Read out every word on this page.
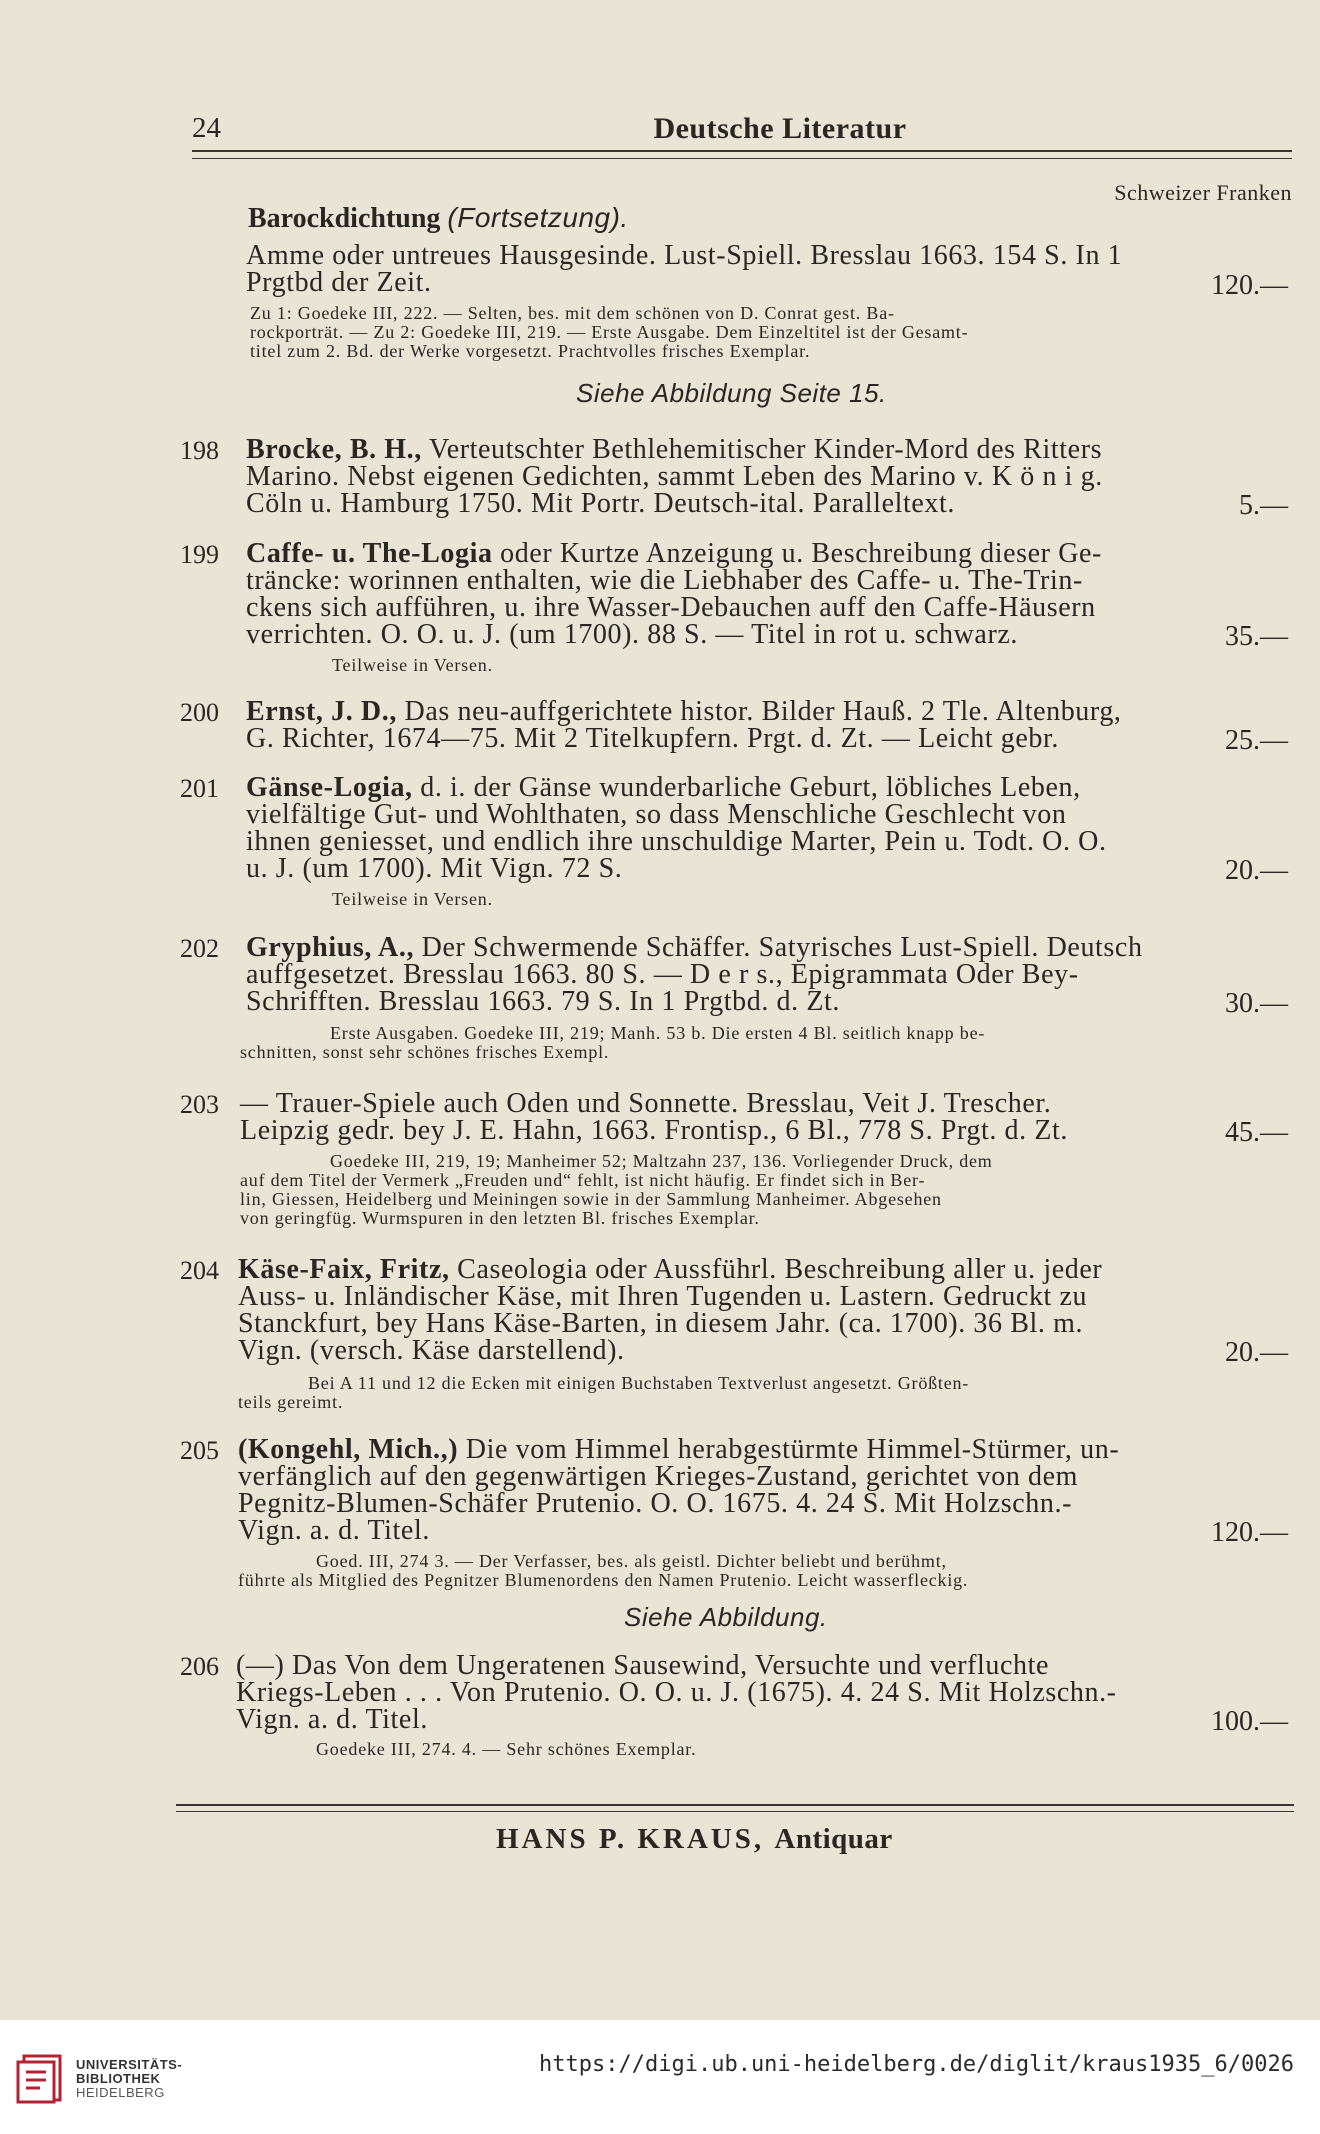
24	Deutsche Literatur
Schweizer Franken
Barockdichtung (Fortsetzung).
Amme oder untreues Hausgesinde. Lust-Spiell. Bresslau 1663. 154 S. In 1
Prgtbd der Zeit.	120.—
Zu 1: Goedeke III, 222. — Selten, bes. mit dem schönen von D. Conrat gest. Ba-
rockporträt. — Zu 2: Goedeke III, 219. — Erste Ausgabe. Dem Einzeltitel ist der Gesamt-
titel zum 2. Bd. der Werke vorgesetzt. Prachtvolles frisches Exemplar.
Siehe Abbildung Seite 15.
198 Brocke, B. H., Verteutschter Bethlehemitischer Kinder-Mord des Ritters
Marino. Nebst eigenen Gedichten, sammt Leben des Marino v. K ö n i g.
Cöln u. Hamburg 1750. Mit Portr. Deutsch-ital. Paralleltext.	5.—
199 Caffe- u. The-Logia oder Kurtze Anzeigung u. Beschreibung dieser Ge-
träncke: worinnen enthalten, wie die Liebhaber des Caffe- u. The-Trin-
ckens sich aufführen, u. ihre Wasser-Debauchen auff den Caffe-Häusern
verrichten. O. O. u. J. (um 1700). 88 S. — Titel in rot u. schwarz.	35.—
Teilweise in Versen.
200 Ernst, J. D., Das neu-auffgerichtete histor. Bilder Hauß. 2 Tle. Altenburg,
G. Richter, 1674—75. Mit 2 Titelkupfern. Prgt. d. Zt. — Leicht gebr.	25.—
201 Gänse-Logia, d. i. der Gänse wunderbarliche Geburt, löbliches Leben,
vielfältige Gut- und Wohlthaten, so dass Menschliche Geschlecht von
ihnen geniesset, und endlich ihre unschuldige Marter, Pein u. Todt. O. O.
u. J. (um 1700). Mit Vign. 72 S.	20.—
Teilweise in Versen.
202 Gryphius, A., Der Schwermende Schäffer. Satyrisches Lust-Spiell. Deutsch
auffgesetzet. Bresslau 1663. 80 S. — D e r s., Epigrammata Oder Bey-
Schrifften. Bresslau 1663. 79 S. In 1 Prgtbd. d. Zt.	30.—
Erste Ausgaben. Goedeke III, 219; Manh. 53 b. Die ersten 4 Bl. seitlich knapp be-
schnitten, sonst sehr schönes frisches Exempl.
203 — Trauer-Spiele auch Oden und Sonnette. Bresslau, Veit J. Trescher.
Leipzig gedr. bey J. E. Hahn, 1663. Frontisp., 6 Bl., 778 S. Prgt. d. Zt.	45.—
Goedeke III, 219, 19; Manheimer 52; Maltzahn 237, 136. Vorliegender Druck, dem
auf dem Titel der Vermerk „Freuden und“ fehlt, ist nicht häufig. Er findet sich in Ber-
lin, Giessen, Heidelberg und Meiningen sowie in der Sammlung Manheimer. Abgesehen
von geringfüg. Wurmspuren in den letzten Bl. frisches Exemplar.
204 Käse-Faix, Fritz, Caseologia oder Aussführl. Beschreibung aller u. jeder
Auss- u. Inländischer Käse, mit Ihren Tugenden u. Lastern. Gedruckt zu
Stanckfurt, bey Hans Käse-Barten, in diesem Jahr. (ca. 1700). 36 Bl. m.
Vign. (versch. Käse darstellend).	20.—
Bei A 11 und 12 die Ecken mit einigen Buchstaben Textverlust angesetzt. Größten-
teils gereimt.
205 (Kongehl, Mich.,) Die vom Himmel herabgestürmte Himmel-Stürmer, un-
verfänglich auf den gegenwärtigen Krieges-Zustand, gerichtet von dem
Pegnitz-Blumen-Schäfer Prutenio. O. O. 1675. 4. 24 S. Mit Holzschn.-
Vign. a. d. Titel.	120.—
Goed. III, 274 3. — Der Verfasser, bes. als geistl. Dichter beliebt und berühmt,
führte als Mitglied des Pegnitzer Blumenordens den Namen Prutenio. Leicht wasserfleckig.
Siehe Abbildung.
206 (—) Das Von dem Ungeratenen Sausewind, Versuchte und verfluchte
Kriegs-Leben . . . Von Prutenio. O. O. u. J. (1675). 4. 24 S. Mit Holzschn.-
Vign. a. d. Titel.	100.—
Goedeke III, 274. 4. — Sehr schönes Exemplar.
HANS P. KRAUS, Antiquar
UNIVERSITÄTS-
BIBLIOTHEK
HEIDELBERG
https://digi.ub.uni-heidelberg.de/diglit/kraus1935_6/0026
